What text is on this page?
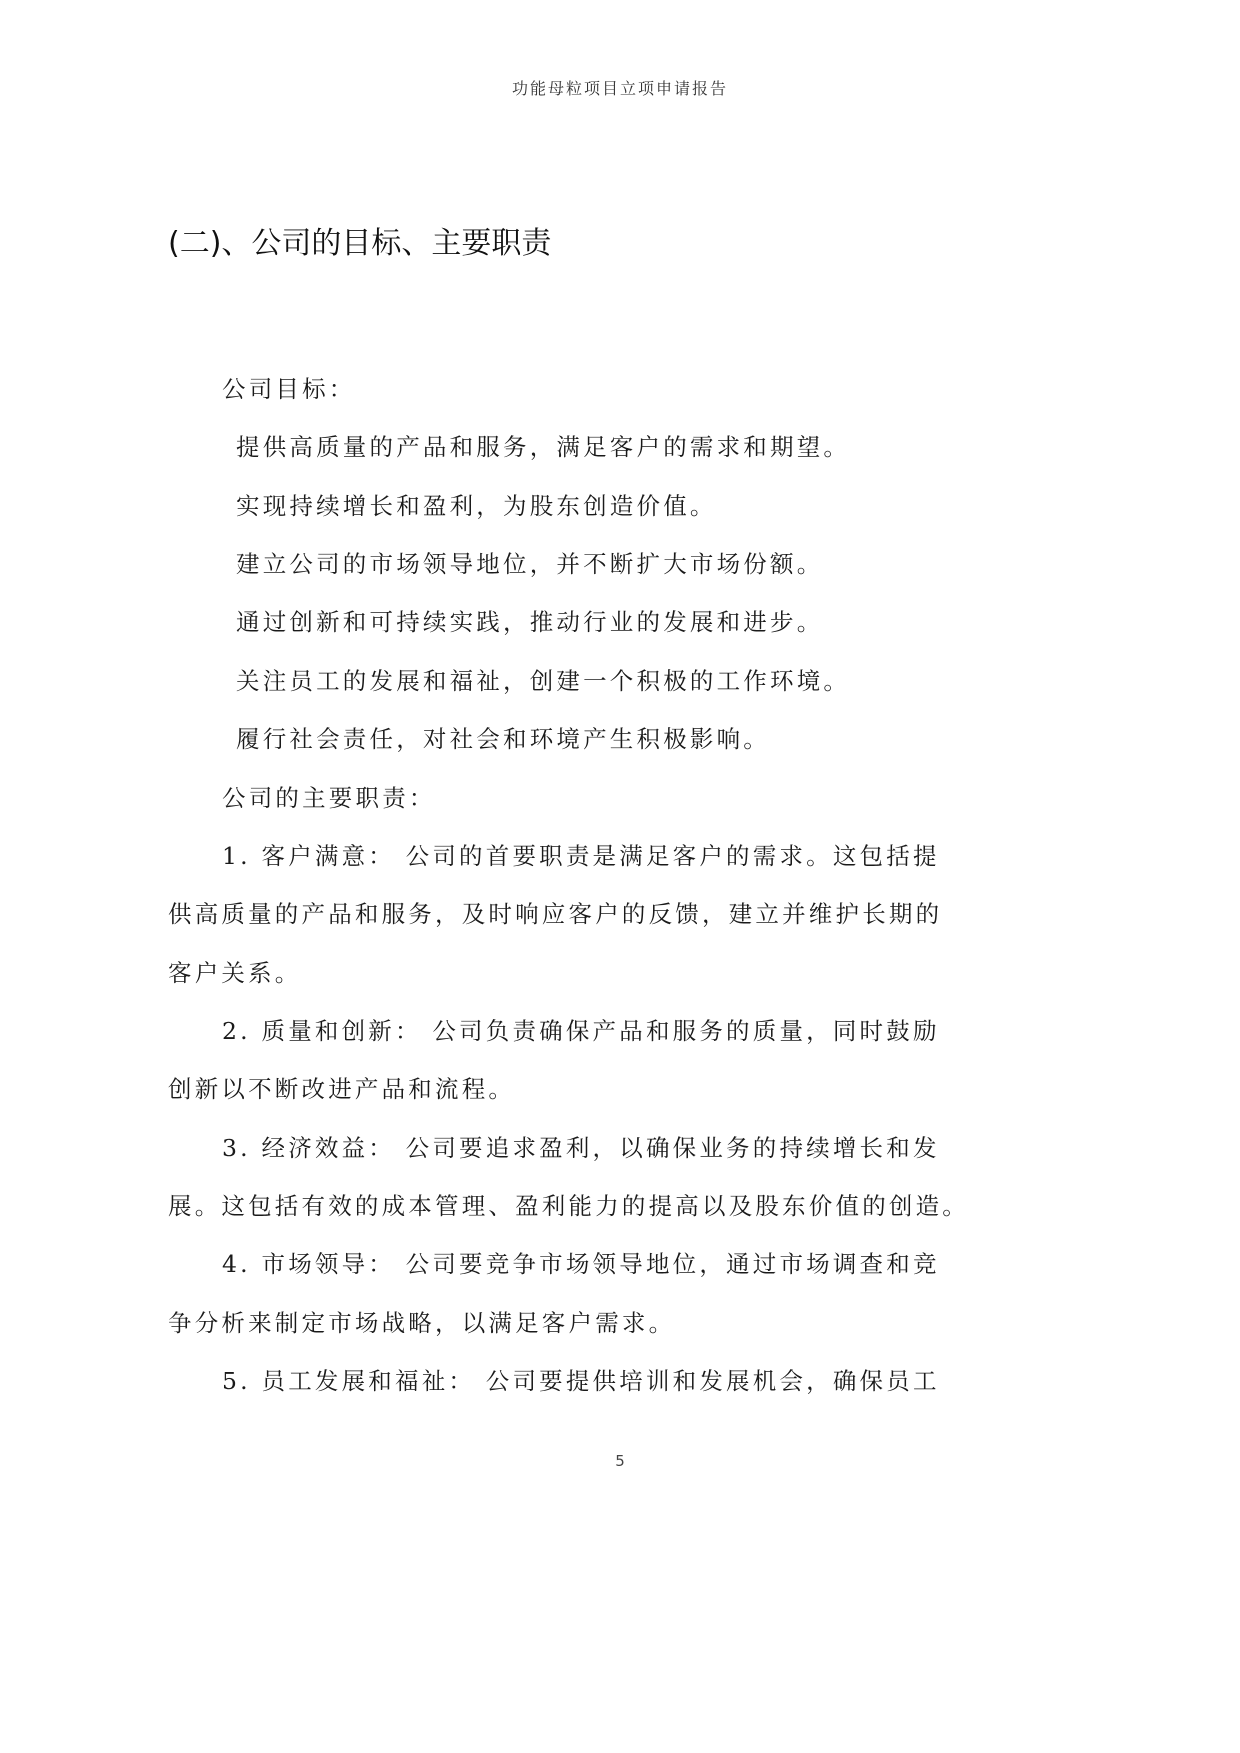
功能母粒项目立项申请报告
(二)、公司的目标、主要职责
公司目标：
提供高质量的产品和服务，满足客户的需求和期望。
实现持续增长和盈利，为股东创造价值。
建立公司的市场领导地位，并不断扩大市场份额。
通过创新和可持续实践，推动行业的发展和进步。
关注员工的发展和福祉，创建一个积极的工作环境。
履行社会责任，对社会和环境产生积极影响。
公司的主要职责：
1. 客户满意： 公司的首要职责是满足客户的需求。这包括提
供高质量的产品和服务，及时响应客户的反馈，建立并维护长期的
客户关系。
2. 质量和创新： 公司负责确保产品和服务的质量，同时鼓励
创新以不断改进产品和流程。
3. 经济效益： 公司要追求盈利，以确保业务的持续增长和发
展。这包括有效的成本管理、盈利能力的提高以及股东价值的创造。
4. 市场领导： 公司要竞争市场领导地位，通过市场调查和竞
争分析来制定市场战略，以满足客户需求。
5. 员工发展和福祉： 公司要提供培训和发展机会，确保员工
5
